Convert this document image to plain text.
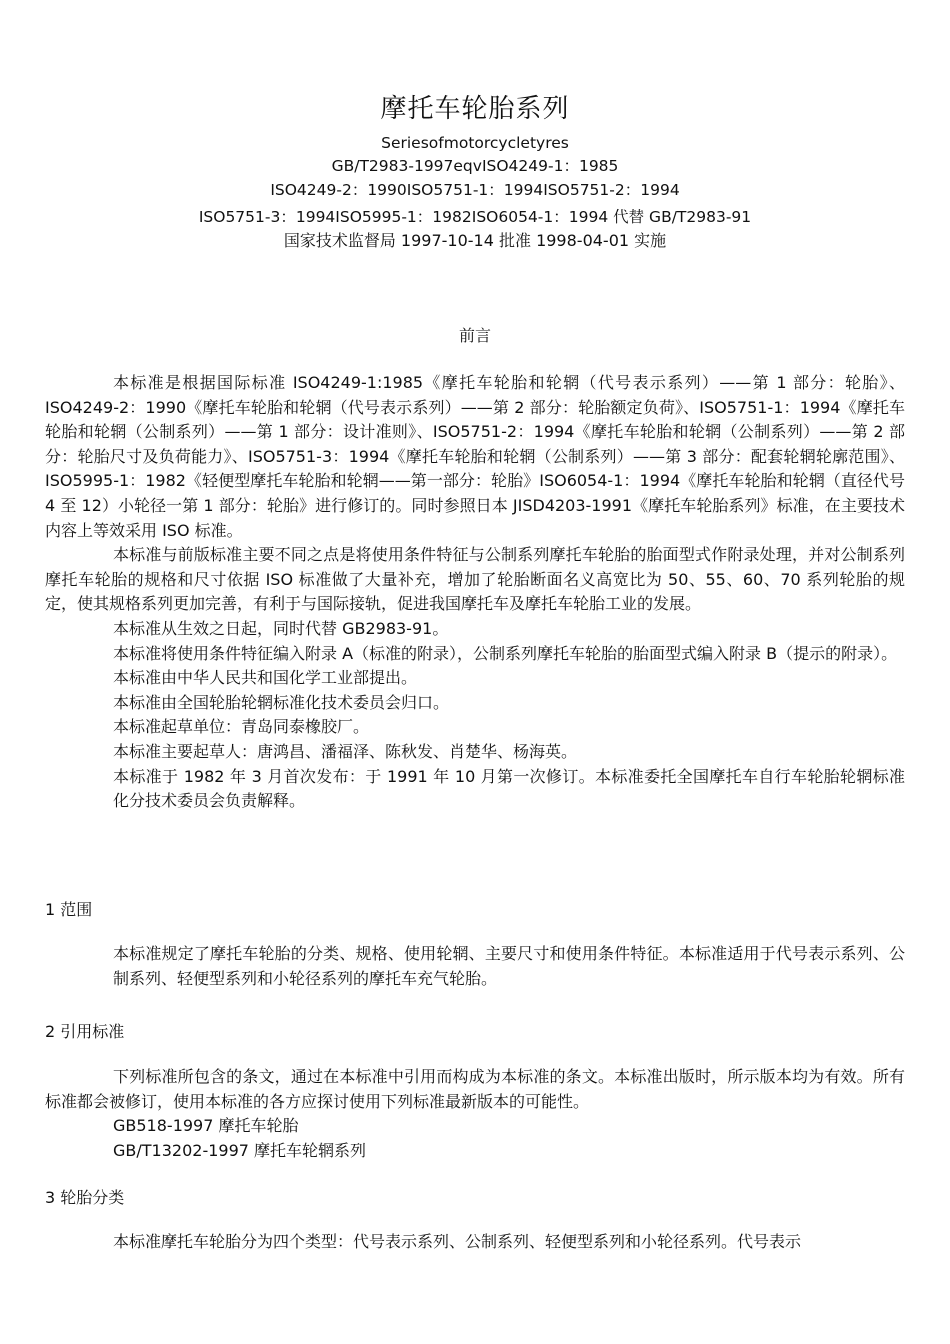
摩托车轮胎系列
Seriesofmotorcycletyres
GB/T2983-1997eqvISO4249-1：1985
ISO4249-2：1990ISO5751-1：1994ISO5751-2：1994
ISO5751-3：1994ISO5995-1：1982ISO6054-1：1994 代替 GB/T2983-91
国家技术监督局 1997-10-14 批准 1998-04-01 实施
前言

本标准是根据国际标准 ISO4249-1:1985《摩托车轮胎和轮辋（代号表示系列）——第 1 部分：轮胎》、ISO4249-2：1990《摩托车轮胎和轮辋（代号表示系列）——第 2 部分：轮胎额定负荷》、ISO5751-1：1994《摩托车轮胎和轮辋（公制系列）——第 1 部分：设计准则》、ISO5751-2：1994《摩托车轮胎和轮辋（公制系列）——第 2 部分：轮胎尺寸及负荷能力》、ISO5751-3：1994《摩托车轮胎和轮辋（公制系列）——第 3 部分：配套轮辋轮廓范围》、ISO5995-1：1982《轻便型摩托车轮胎和轮辋——第一部分：轮胎》ISO6054-1：1994《摩托车轮胎和轮辋（直径代号 4 至 12）小轮径一第 1 部分：轮胎》进行修订的。同时参照日本 JISD4203-1991《摩托车轮胎系列》标准，在主要技术内容上等效采用 ISO 标准。

本标准与前版标准主要不同之点是将使用条件特征与公制系列摩托车轮胎的胎面型式作附录处理，并对公制系列摩托车轮胎的规格和尺寸依据 ISO 标准做了大量补充，增加了轮胎断面名义高宽比为 50、55、60、70 系列轮胎的规定，使其规格系列更加完善，有利于与国际接轨，促进我国摩托车及摩托车轮胎工业的发展。

本标准从生效之日起，同时代替 GB2983-91。

本标准将使用条件特征编入附录 A（标准的附录），公制系列摩托车轮胎的胎面型式编入附录 B（提示的附录）。

本标准由中华人民共和国化学工业部提出。

本标准由全国轮胎轮辋标准化技术委员会归口。

本标准起草单位：青岛同泰橡胶厂。

本标准主要起草人：唐鸿昌、潘福泽、陈秋发、肖楚华、杨海英。

本标准于 1982 年 3 月首次发布：于 1991 年 10 月第一次修订。本标准委托全国摩托车自行车轮胎轮辋标准化分技术委员会负责解释。

1 范围

本标准规定了摩托车轮胎的分类、规格、使用轮辋、主要尺寸和使用条件特征。本标准适用于代号表示系列、公制系列、轻便型系列和小轮径系列的摩托车充气轮胎。

2 引用标准

下列标准所包含的条文，通过在本标准中引用而构成为本标准的条文。本标准出版时，所示版本均为有效。所有标准都会被修订，使用本标准的各方应探讨使用下列标准最新版本的可能性。

GB518-1997 摩托车轮胎

GB/T13202-1997 摩托车轮辋系列

3 轮胎分类

本标准摩托车轮胎分为四个类型：代号表示系列、公制系列、轻便型系列和小轮径系列。代号表示
